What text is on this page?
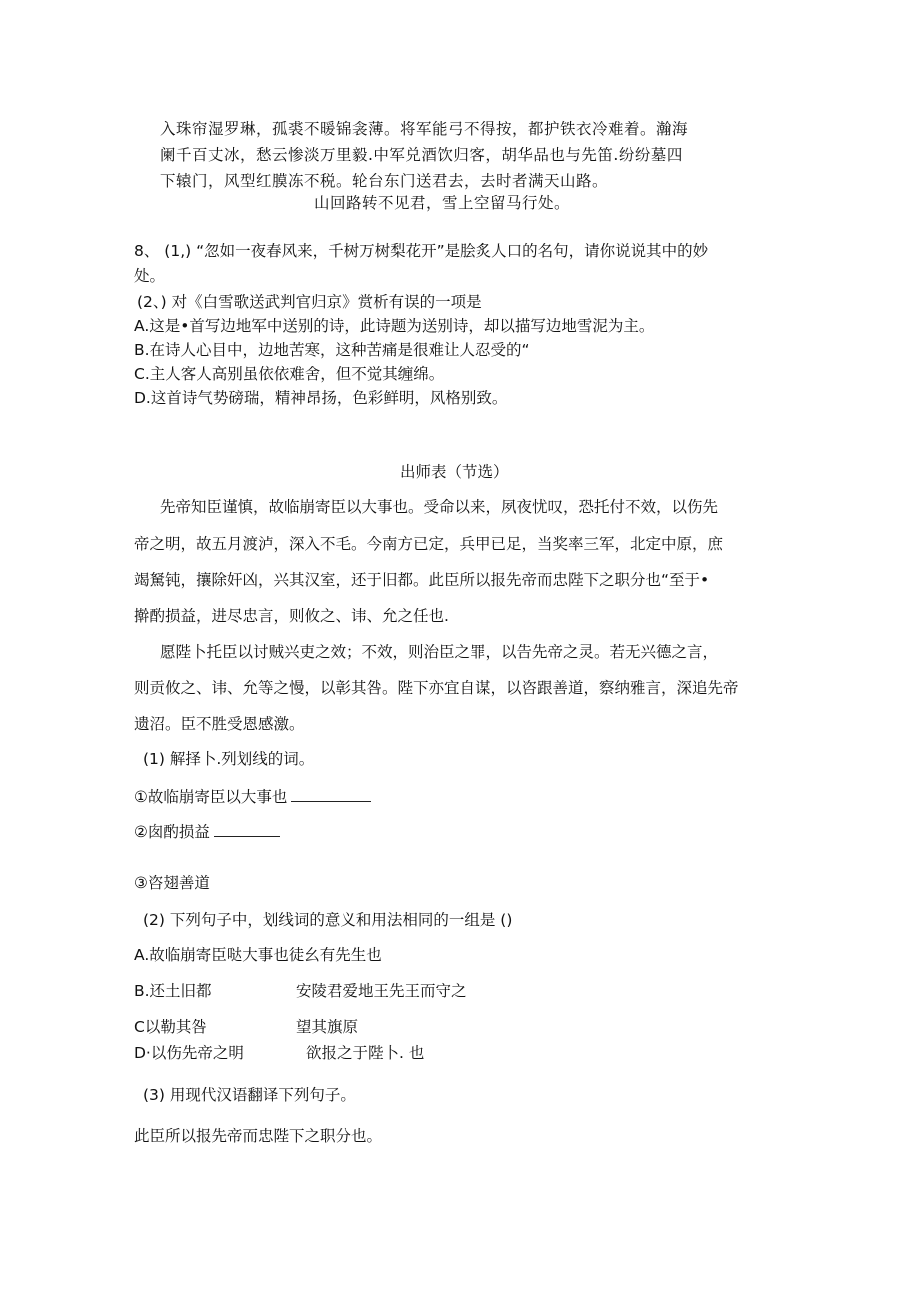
入珠帘湿罗琳，孤裘不暖锦衾薄。将军能弓不得按，都护铁衣冷难着。瀚海
阑千百丈冰，愁云惨淡万里毅.中军兑酒饮归客，胡华品也与先笛.纷纷墓四
下辕门，风型红膜冻不税。轮台东门送君去，去时者满天山路。
山回路转不见君，雪上空留马行处。
8、 (1,) “忽如一夜春风来，千树万树梨花开”是脍炙人口的名句，请你说说其中的妙
处。
(2、) 对《白雪歌送武判官归京》赏析有误的一项是
A.这是•首写边地军中送别的诗，此诗题为送别诗，却以描写边地雪泥为主。
B.在诗人心目中，边地苦寒，这种苦痛是很难让人忍受的“
C.主人客人高别虽依依难舍，但不觉其缠绵。
D.这首诗气势磅瑞，精神昂扬，色彩鲜明，风格别致。
出师表（节选）
先帝知臣谨慎，故临崩寄臣以大事也。受命以来，夙夜忧叹，恐托付不效，以伤先
帝之明，故五月渡泸，深入不毛。今南方已定，兵甲已足，当奖率三军，北定中原，庶
竭駑钝，攘除奸凶，兴其汉室，还于旧都。此臣所以报先帝而忠陛下之职分也“至于•
擀酌损益，进尽忠言，则攸之、讳、允之任也.
愿陛卜托臣以讨贼兴吏之效；不效，则治臣之罪，以告先帝之灵。若无兴德之言，
则贡攸之、讳、允等之慢，以彰其咎。陛下亦宜自谋，以咨跟善道，察纳雅言，深追先帝
遗沼。臣不胜受恩感激。
(1) 解择卜.列划线的词。
①故临崩寄臣以大事也
②囱酌损益
③咨翅善道
(2) 下列句子中，划线词的意义和用法相同的一组是 ()
A.故临崩寄臣哒大事也徒幺有先生也
B.还土旧都	安陵君爱地王先王而守之
C以勒其咎	望其旗原
D·以伤先帝之明	欲报之于陛卜. 也
(3) 用现代汉语翻译下列句子。
此臣所以报先帝而忠陛下之职分也。
